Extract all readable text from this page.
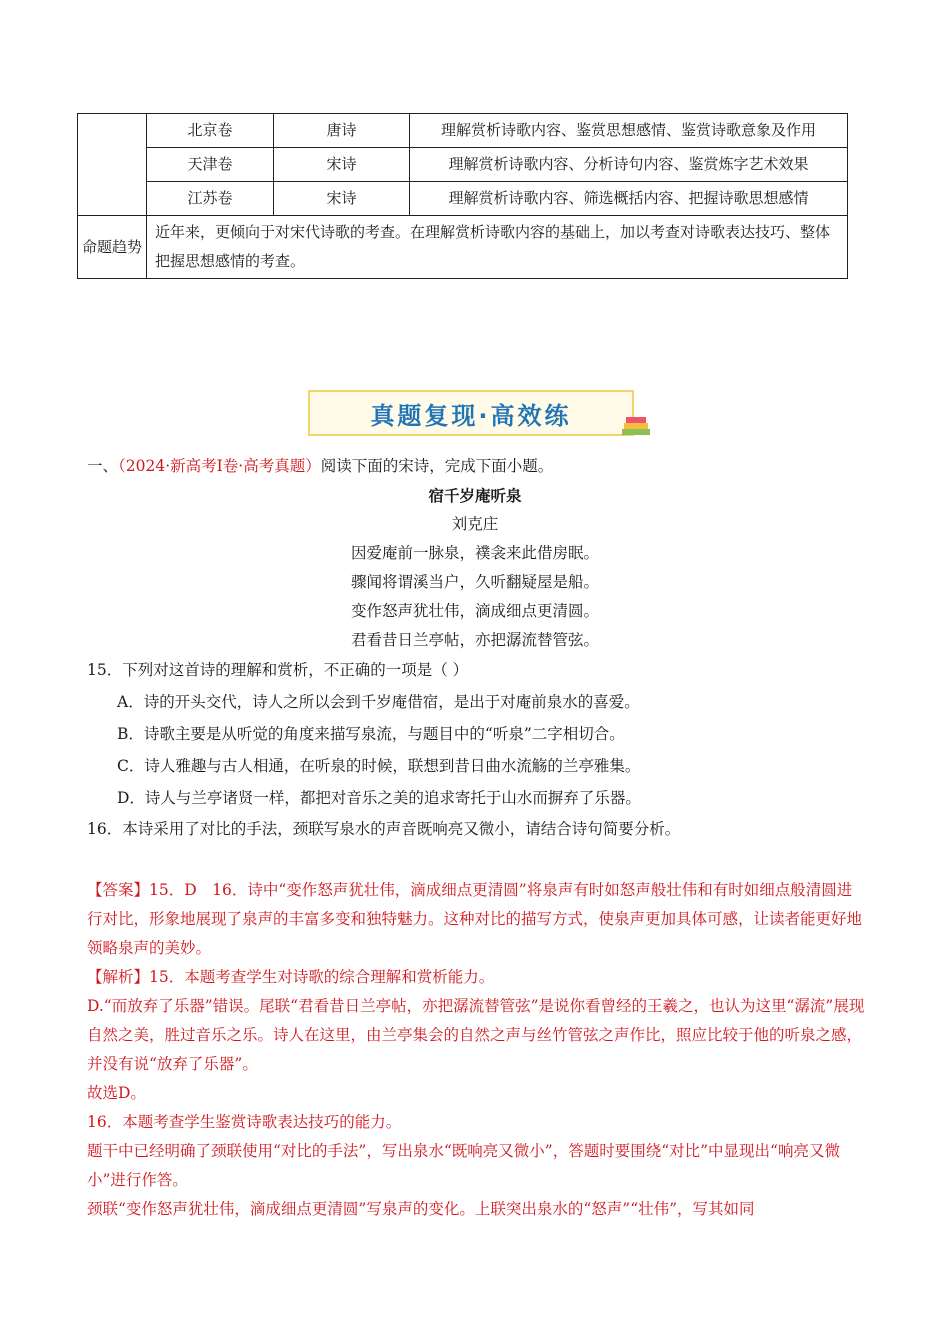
	北京卷	唐诗	理解赏析诗歌内容、鉴赏思想感情、鉴赏诗歌意象及作用
	天津卷	宋诗	理解赏析诗歌内容、分析诗句内容、鉴赏炼字艺术效果
	江苏卷	宋诗	理解赏析诗歌内容、筛选概括内容、把握诗歌思想感情
命题趋势	近年来，更倾向于对宋代诗歌的考查。在理解赏析诗歌内容的基础上，加以考查对诗歌表达技巧、整体把握思想感情的考查。		
真题复现·高效练
一、（2024·新高考Ⅰ卷·高考真题）阅读下面的宋诗，完成下面小题。
宿千岁庵听泉
刘克庄
因爱庵前一脉泉，襆衾来此借房眠。
骤闻将谓溪当户，久听翻疑屋是船。
变作怒声犹壮伟，滴成细点更清圆。
君看昔日兰亭帖，亦把潺流替管弦。
15．下列对这首诗的理解和赏析，不正确的一项是（ ）
A．诗的开头交代，诗人之所以会到千岁庵借宿，是出于对庵前泉水的喜爱。
B．诗歌主要是从听觉的角度来描写泉流，与题目中的“听泉”二字相切合。
C．诗人雅趣与古人相通，在听泉的时候，联想到昔日曲水流觞的兰亭雅集。
D．诗人与兰亭诸贤一样，都把对音乐之美的追求寄托于山水而摒弃了乐器。
16．本诗采用了对比的手法，颈联写泉水的声音既响亮又微小，请结合诗句简要分析。

【答案】15．D　16．诗中“变作怒声犹壮伟，滴成细点更清圆”将泉声有时如怒声般壮伟和有时如细点般清圆进行对比，形象地展现了泉声的丰富多变和独特魅力。这种对比的描写方式，使泉声更加具体可感，让读者能更好地领略泉声的美妙。

【解析】15．本题考查学生对诗歌的综合理解和赏析能力。

D.“而放弃了乐器”错误。尾联“君看昔日兰亭帖，亦把潺流替管弦”是说你看曾经的王羲之，也认为这里“潺流”展现自然之美，胜过音乐之乐。诗人在这里，由兰亭集会的自然之声与丝竹管弦之声作比，照应比较于他的听泉之感，并没有说“放弃了乐器”。

故选D。

16．本题考查学生鉴赏诗歌表达技巧的能力。

题干中已经明确了颈联使用“对比的手法”，写出泉水“既响亮又微小”，答题时要围绕“对比”中显现出“响亮又微小”进行作答。

颈联“变作怒声犹壮伟，滴成细点更清圆”写泉声的变化。上联突出泉水的“怒声”“壮伟”，写其如同
